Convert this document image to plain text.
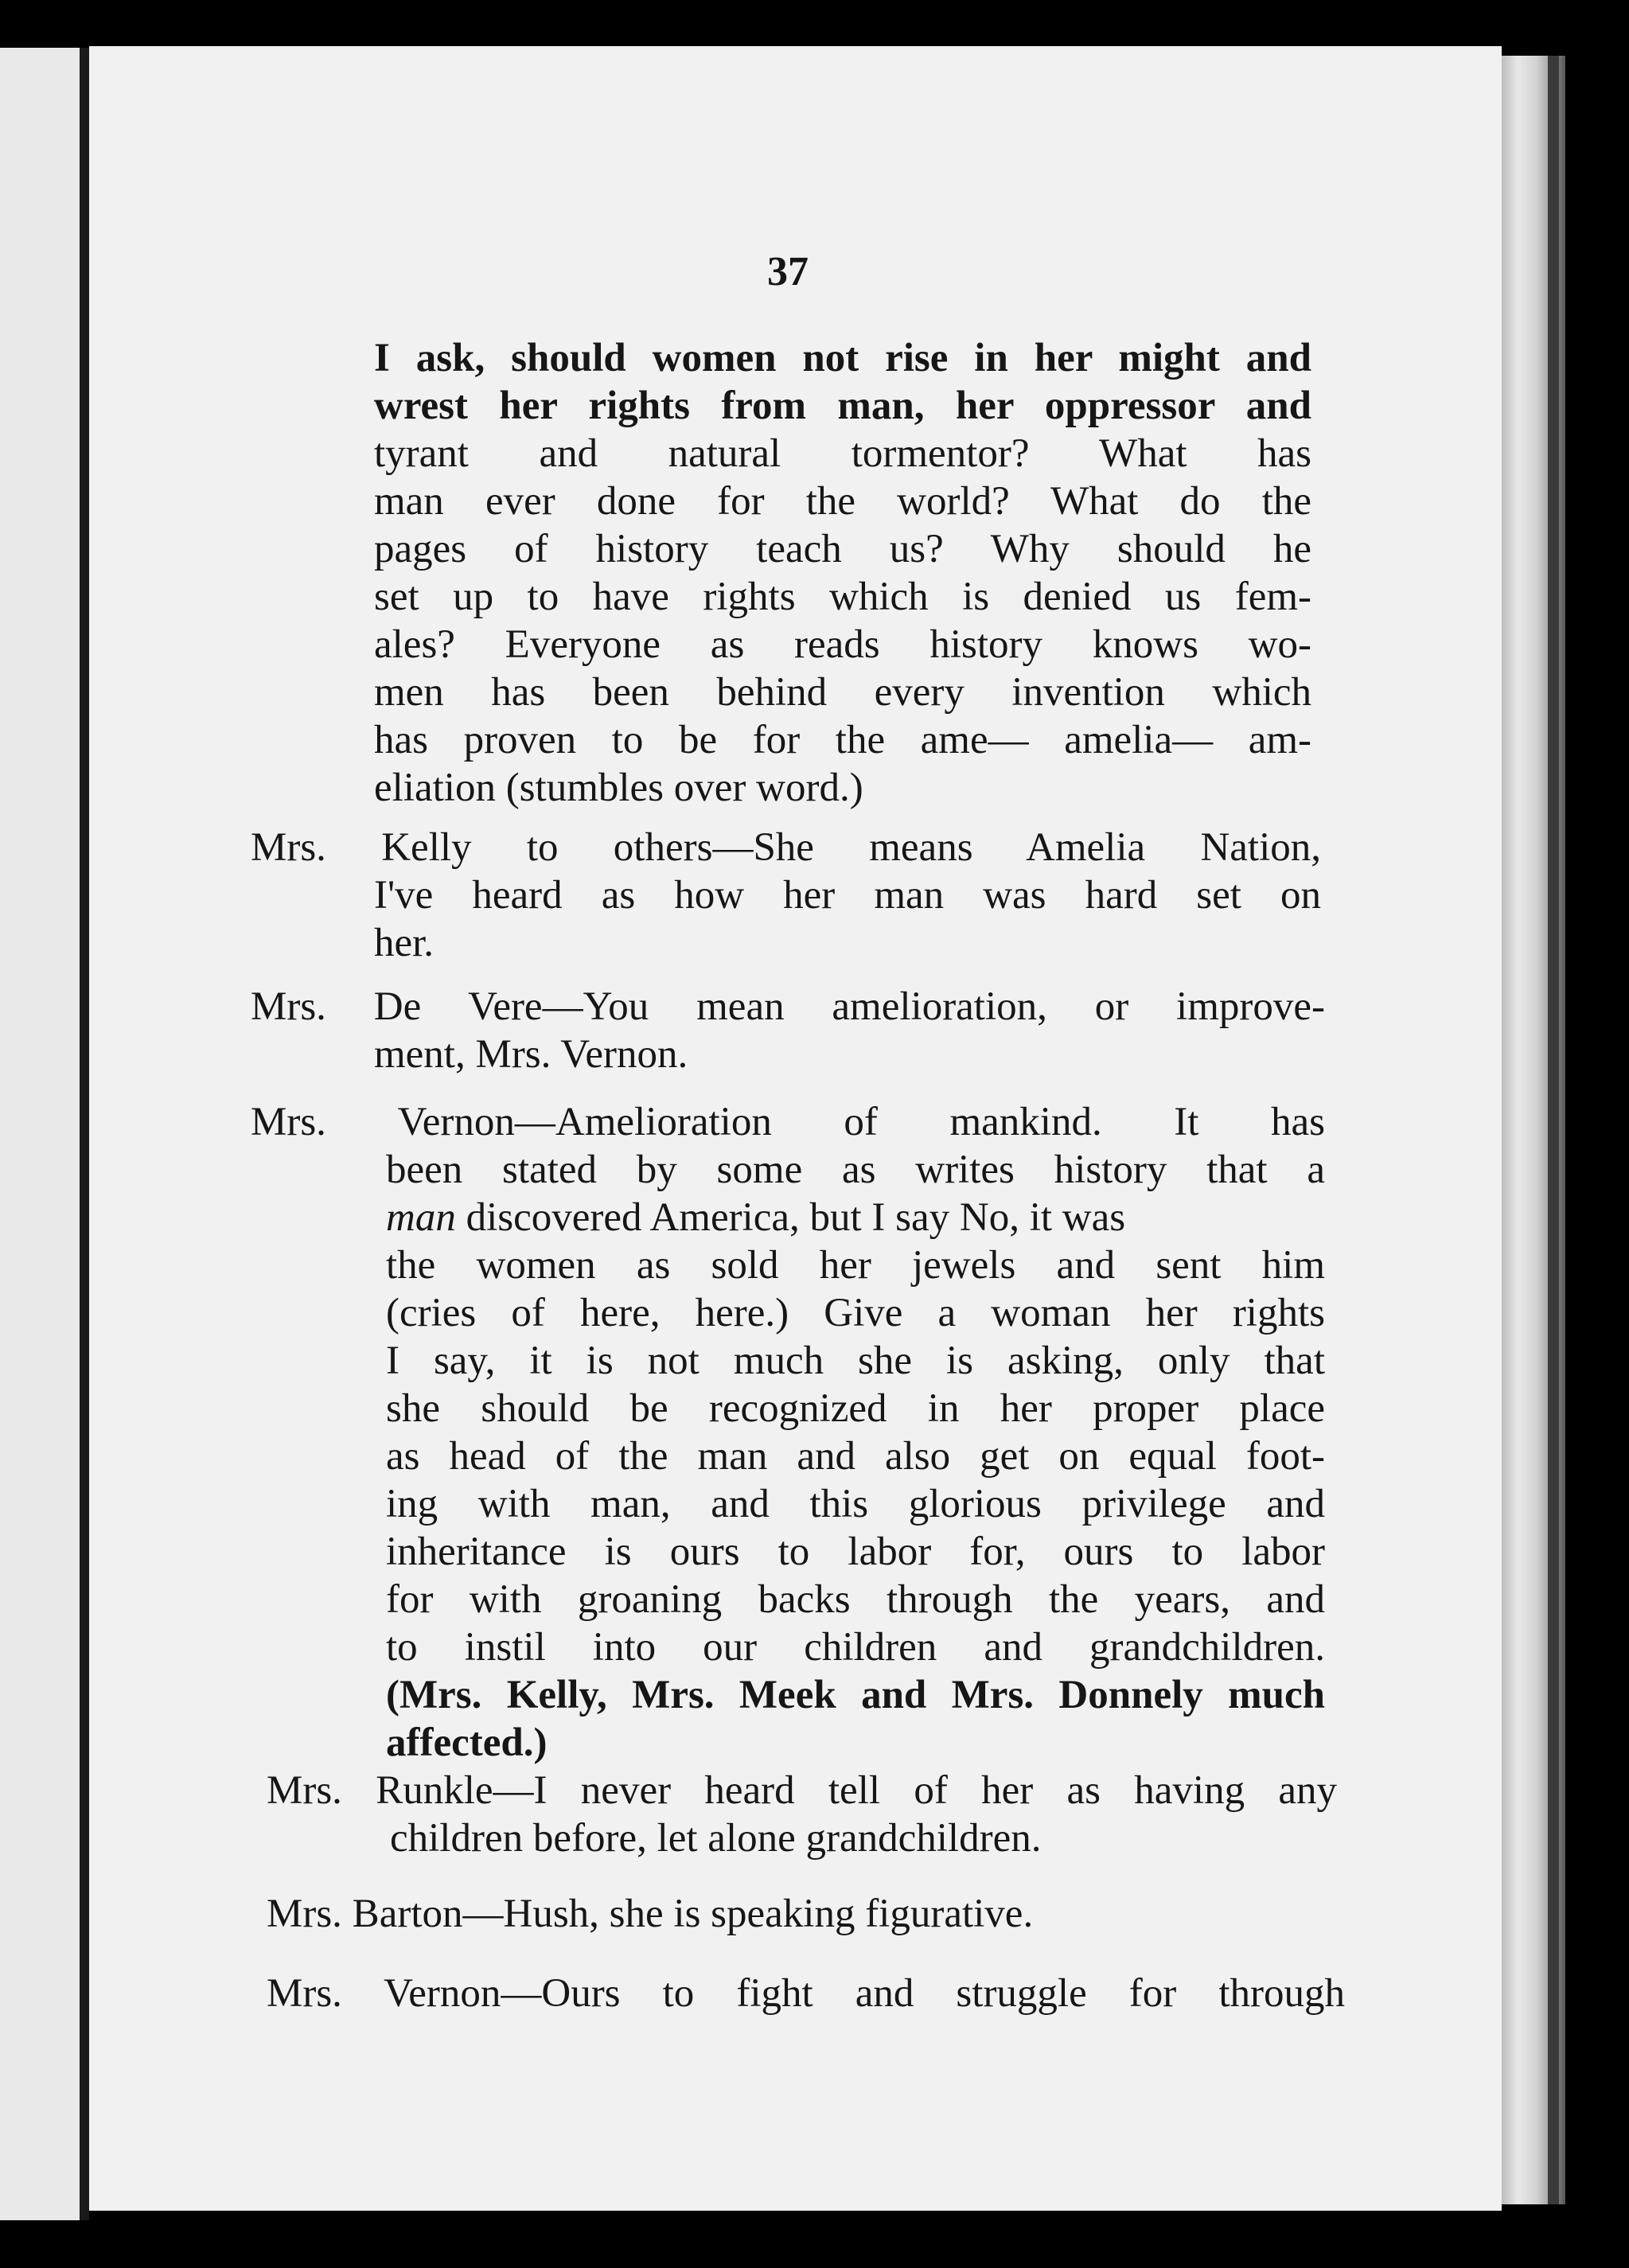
37
I ask, should women not rise in her might and
wrest her rights from man, her oppressor and
tyrant and natural tormentor? What has
man ever done for the world? What do the
pages of history teach us? Why should he
set up to have rights which is denied us fem-
ales? Everyone as reads history knows wo-
men has been behind every invention which
has proven to be for the ame— amelia— am-
eliation (stumbles over word.)
Mrs. Kelly to others—She means Amelia Nation,
I've heard as how her man was hard set on
her.
Mrs. De Vere—You mean amelioration, or improve-
ment, Mrs. Vernon.
Mrs. Vernon—Amelioration of mankind. It has
been stated by some as writes history that a
man discovered America, but I say No, it was
the women as sold her jewels and sent him
(cries of here, here.) Give a woman her rights
I say, it is not much she is asking, only that
she should be recognized in her proper place
as head of the man and also get on equal foot-
ing with man, and this glorious privilege and
inheritance is ours to labor for, ours to labor
for with groaning backs through the years, and
to instil into our children and grandchildren.
(Mrs. Kelly, Mrs. Meek and Mrs. Donnely much
affected.)
Mrs. Runkle—I never heard tell of her as having any
children before, let alone grandchildren.
Mrs. Barton—Hush, she is speaking figurative.
Mrs. Vernon—Ours to fight and struggle for through
